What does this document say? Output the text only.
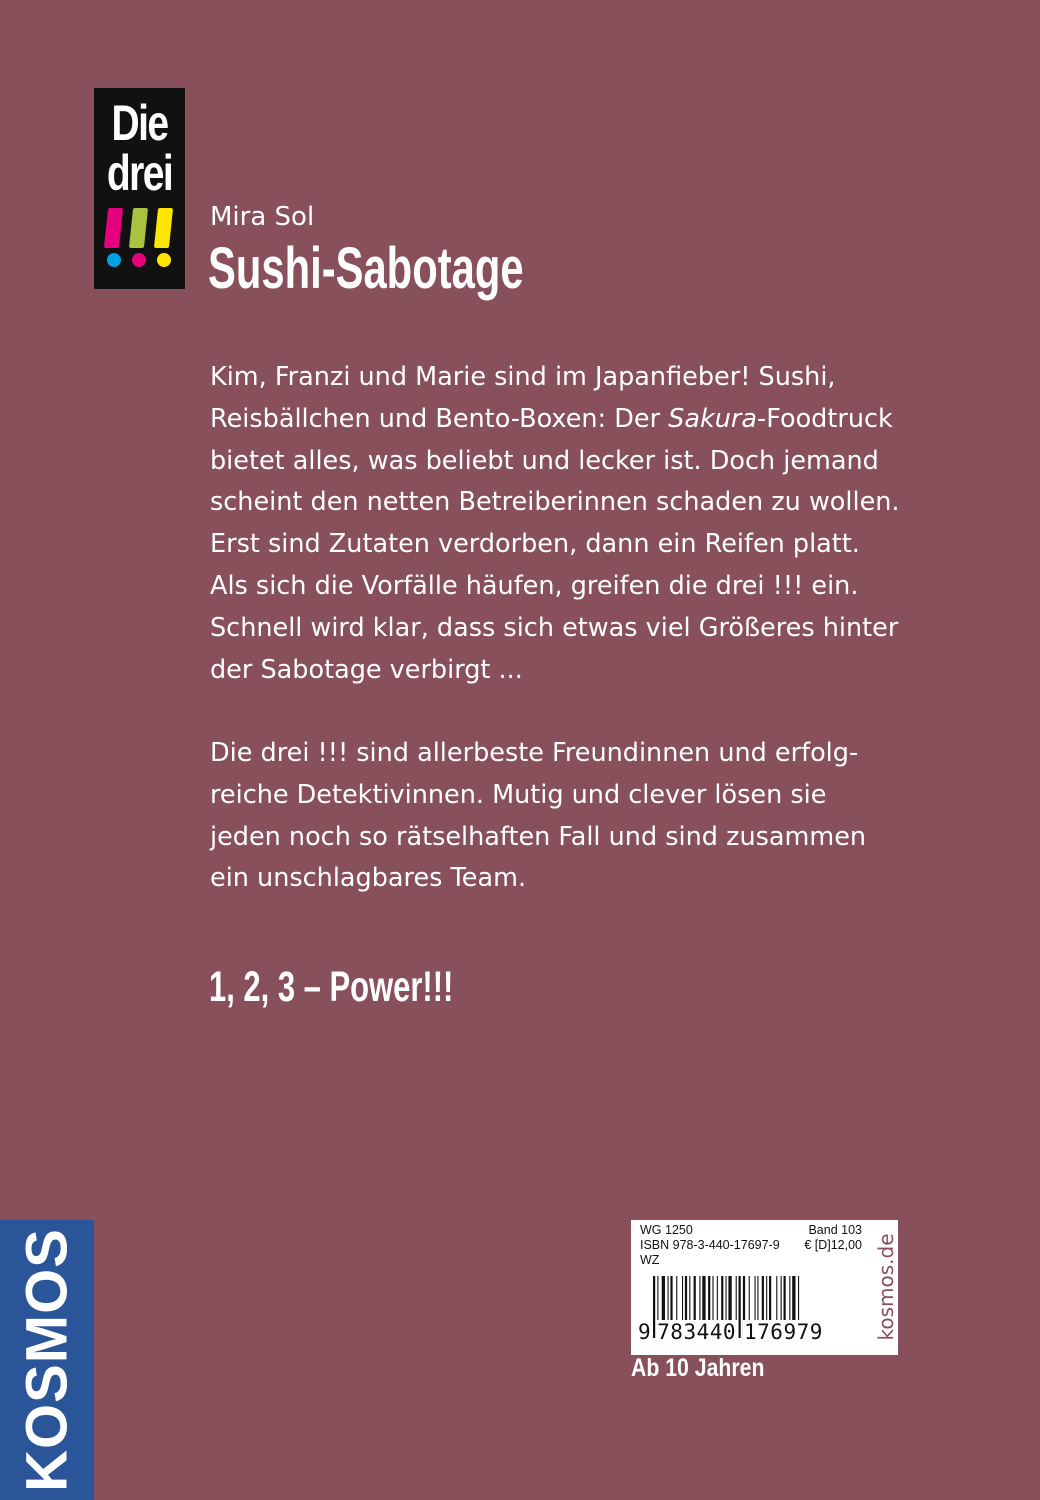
Die
drei
Mira Sol
Sushi-Sabotage
Kim, Franzi und Marie sind im Japanfieber! Sushi,
Reisbällchen und Bento-Boxen: Der Sakura-Foodtruck
bietet alles, was beliebt und lecker ist. Doch jemand
scheint den netten Betreiberinnen schaden zu wollen.
Erst sind Zutaten verdorben, dann ein Reifen platt.
Als sich die Vorfälle häufen, greifen die drei !!! ein.
Schnell wird klar, dass sich etwas viel Größeres hinter
der Sabotage verbirgt ...
Die drei !!! sind allerbeste Freundinnen und erfolg-
reiche Detektivinnen. Mutig und clever lösen sie
jeden noch so rätselhaften Fall und sind zusammen
ein unschlagbares Team.
1, 2, 3 – Power!!!
KOSMOS	WG 1250	Band 103
ISBN 978-3-440-17697-9 € [D]12,00
WZ
9 783440 176979	kosmos.de
Ab 10 Jahren
